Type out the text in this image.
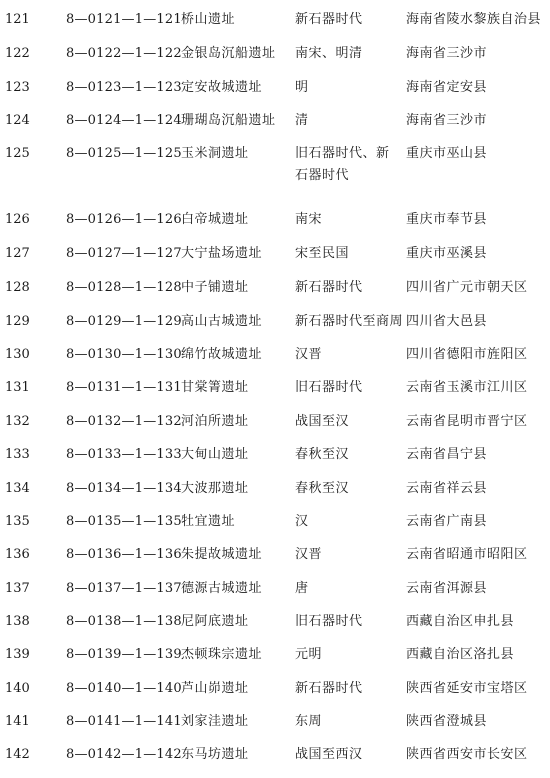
121	8—0121—1—121 桥山遗址	新石器时代	海南省陵水黎族自治县
122	8—0122—1—122 金银岛沉船遗址	南宋、明清	海南省三沙市
123	8—0123—1—123 定安故城遗址	明	海南省定安县
124	8—0124—1—124 珊瑚岛沉船遗址	清	海南省三沙市
125	8—0125—1—125 玉米洞遗址	旧石器时代、新	重庆市巫山县
石器时代
126	8—0126—1—126 白帝城遗址	南宋	重庆市奉节县
127	8—0127—1—127 大宁盐场遗址	宋至民国	重庆市巫溪县
128	8—0128—1—128 中子铺遗址	新石器时代	四川省广元市朝天区
129	8—0129—1—129 高山古城遗址	新石器时代至商周 四川省大邑县
130	8—0130—1—130 绵竹故城遗址	汉晋	四川省德阳市旌阳区
131	8—0131—1—131 甘棠箐遗址	旧石器时代	云南省玉溪市江川区
132	8—0132—1—132 河泊所遗址	战国至汉	云南省昆明市晋宁区
133	8—0133—1—133 大甸山遗址	春秋至汉	云南省昌宁县
134	8—0134—1—134 大波那遗址	春秋至汉	云南省祥云县
135	8—0135—1—135 牡宜遗址	汉	云南省广南县
136	8—0136—1—136 朱提故城遗址	汉晋	云南省昭通市昭阳区
137	8—0137—1—137 德源古城遗址	唐	云南省洱源县
138	8—0138—1—138 尼阿底遗址	旧石器时代	西藏自治区申扎县
139	8—0139—1—139 杰顿珠宗遗址	元明	西藏自治区洛扎县
140	8—0140—1—140 芦山峁遗址	新石器时代	陕西省延安市宝塔区
141	8—0141—1—141 刘家洼遗址	东周	陕西省澄城县
142	8—0142—1—142 东马坊遗址	战国至西汉	陕西省西安市长安区
